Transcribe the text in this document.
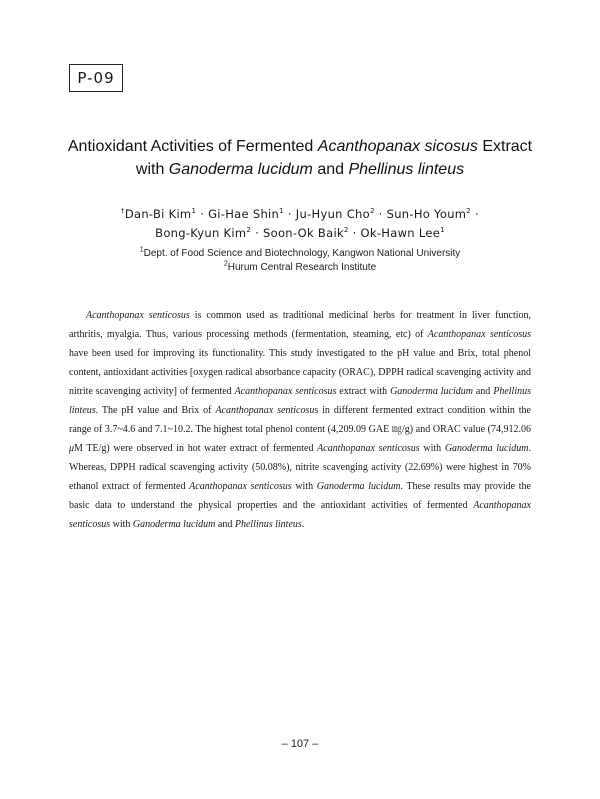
P-09
Antioxidant Activities of Fermented Acanthopanax sicosus Extract
with Ganoderma lucidum and Phellinus linteus
†Dan-Bi Kim$^1$ · Gi-Hae Shin$^1$ · Ju-Hyun Cho$^2$ · Sun-Ho Youm$^2$ ·
Bong-Kyun Kim$^2$ · Soon-Ok Baik$^2$ · Ok-Hawn Lee$^1$
$^1$Dept. of Food Science and Biotechnology, Kangwon National University
$^2$Hurum Central Research Institute

Acanthopanax senticosus is common used as traditional medicinal herbs for treatment in liver function, arthritis, myalgia. Thus, various processing methods (fermentation, steaming, etc) of Acanthopanax senticosus have been used for improving its functionality. This study investigated to the pH value and Brix, total phenol content, antioxidant activities [oxygen radical absorbance capacity (ORAC), DPPH radical scavenging activity and nitrite scavenging activity] of fermented Acanthopanax senticosus extract with Ganoderma lucidum and Phellinus linteus. The pH value and Brix of Acanthopanax senticosus in different fermented extract condition within the range of 3.7~4.6 and 7.1~10.2. The highest total phenol content (4,209.09 GAE ㎎/g) and ORAC value (74,912.06 μM TE/g) were observed in hot water extract of fermented Acanthopanax senticosus with Ganoderma lucidum. Whereas, DPPH radical scavenging activity (50.08%), nitrite scavenging activity (22.69%) were highest in 70% ethanol extract of fermented Acanthopanax senticosus with Ganoderma lucidum. These results may provide the basic data to understand the physical properties and the antioxidant activities of fermented Acanthopanax senticosus with Ganoderma lucidum and Phellinus linteus.

– 107 –
